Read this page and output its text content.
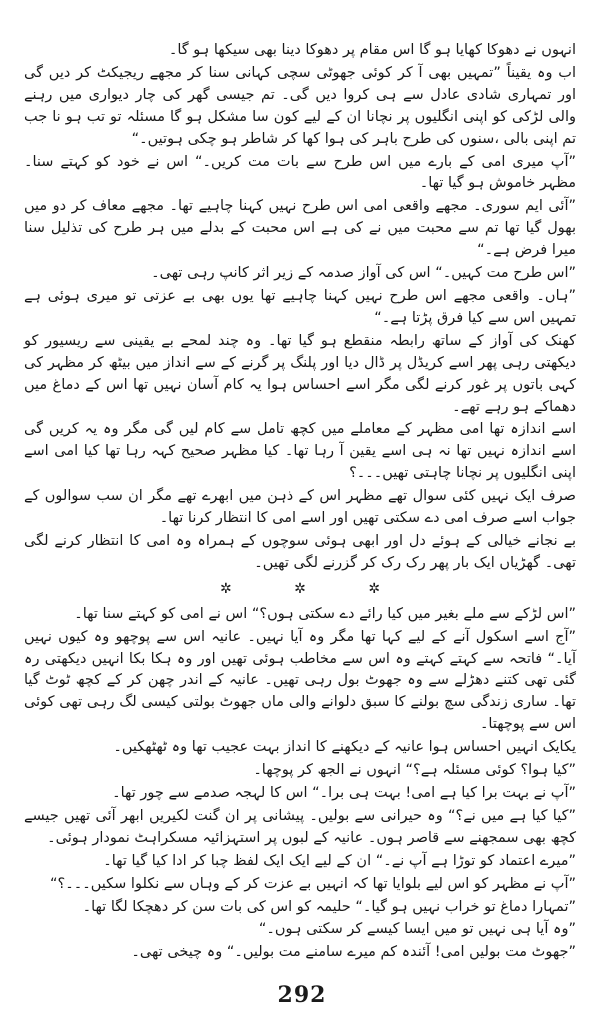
انہوں نے دھوکا کھایا ہو گا اس مقام پر دھوکا دینا بھی سیکھا ہو گا۔

اب وہ یقیناً ”تمہیں بھی آ کر کوئی جھوٹی سچی کہانی سنا کر مجھے ریجیکٹ کر دیں گی اور تمہاری شادی عادل سے ہی کروا دیں گی۔ تم جیسی گھر کی چار دیواری میں رہنے والی لڑکی کو اپنی انگلیوں پر نچانا ان کے لیے کون سا مشکل ہو گا مسئلہ تو تب ہو نا جب تم اپنی بالی ،سنوں کی طرح باہر کی ہوا کھا کر شاطر ہو چکی ہوتیں۔“

”آپ میری امی کے بارے میں اس طرح سے بات مت کریں۔“ اس نے خود کو کہتے سنا۔ مظہر خاموش ہو گیا تھا۔

”آئی ایم سوری۔ مجھے واقعی امی اس طرح نہیں کہنا چاہیے تھا۔ مجھے معاف کر دو میں بھول گیا تھا تم سے محبت میں نے کی ہے اس محبت کے بدلے میں ہر طرح کی تذلیل سنا میرا فرض ہے۔“

”اس طرح مت کہیں۔“ اس کی آواز صدمہ کے زیر اثر کانپ رہی تھی۔

”ہاں۔ واقعی مجھے اس طرح نہیں کہنا چاہیے تھا یوں بھی بے عزتی تو میری ہوئی ہے تمہیں اس سے کیا فرق پڑتا ہے۔“

کھنک کی آواز کے ساتھ رابطہ منقطع ہو گیا تھا۔ وہ چند لمحے بے یقینی سے ریسیور کو دیکھتی رہی پھر اسے کریڈل پر ڈال دیا اور پلنگ پر گرنے کے سے انداز میں بیٹھ کر مظہر کی کہی باتوں پر غور کرنے لگی مگر اسے احساس ہوا یہ کام آسان نہیں تھا اس کے دماغ میں دھماکے ہو رہے تھے۔

اسے اندازہ تھا امی مظہر کے معاملے میں کچھ تامل سے کام لیں گی مگر وہ یہ کریں گی اسے اندازہ نہیں تھا نہ ہی اسے یقین آ رہا تھا۔ کیا مظہر صحیح کہہ رہا تھا کیا امی اسے اپنی انگلیوں پر نچانا چاہتی تھیں۔۔۔؟

صرف ایک نہیں کئی سوال تھے مظہر اس کے ذہن میں ابھرے تھے مگر ان سب سوالوں کے جواب اسے صرف امی دے سکتی تھیں اور اسے امی کا انتظار کرنا تھا۔

بے نجانے خیالی کے ہوئے دل اور ابھی ہوئی سوچوں کے ہمراہ وہ امی کا انتظار کرنے لگی تھی۔ گھڑیاں ایک بار پھر رک رک کر گزرنے لگی تھیں۔

✲	✲	✲

”اس لڑکے سے ملے بغیر میں کیا رائے دے سکتی ہوں؟“ اس نے امی کو کہتے سنا تھا۔

”آج اسے اسکول آنے کے لیے کہا تھا مگر وہ آیا نہیں۔ عانیہ اس سے پوچھو وہ کیوں نہیں آیا۔“ فاتحہ سے کہتے کہتے وہ اس سے مخاطب ہوئی تھیں اور وہ ہکا بکا انہیں دیکھتی رہ گئی تھی کتنے دھڑلے سے وہ جھوٹ بول رہی تھیں۔ عانیہ کے اندر چھن کر کے کچھ ٹوٹ گیا تھا۔ ساری زندگی سچ بولنے کا سبق دلوانے والی ماں جھوٹ بولتی کیسی لگ رہی تھی کوئی اس سے پوچھتا۔

یکایک انہیں احساس ہوا عانیہ کے دیکھنے کا انداز بہت عجیب تھا وہ ٹھٹھکیں۔

”کیا ہوا؟ کوئی مسئلہ ہے؟“ انہوں نے الجھ کر پوچھا۔

”آپ نے بہت برا کیا ہے امی! بہت ہی برا۔“ اس کا لہجہ صدمے سے چور تھا۔

”کیا کیا ہے میں نے؟“ وہ حیرانی سے بولیں۔ پیشانی پر ان گنت لکیریں ابھر آئی تھیں جیسے کچھ بھی سمجھنے سے قاصر ہوں۔ عانیہ کے لبوں پر استہزائیہ مسکراہٹ نمودار ہوئی۔

”میرے اعتماد کو توڑا ہے آپ نے۔“ ان کے لیے ایک ایک لفظ چبا کر ادا کیا گیا تھا۔

”آپ نے مظہر کو اس لیے بلوایا تھا کہ انہیں بے عزت کر کے وہاں سے نکلوا سکیں۔۔۔؟“

”تمہارا دماغ تو خراب نہیں ہو گیا۔“ حلیمہ کو اس کی بات سن کر دھچکا لگا تھا۔

”وہ آیا ہی نہیں تو میں ایسا کیسے کر سکتی ہوں۔“

”جھوٹ مت بولیں امی! آئندہ کم میرے سامنے مت بولیں۔“ وہ چیخی تھی۔

292
